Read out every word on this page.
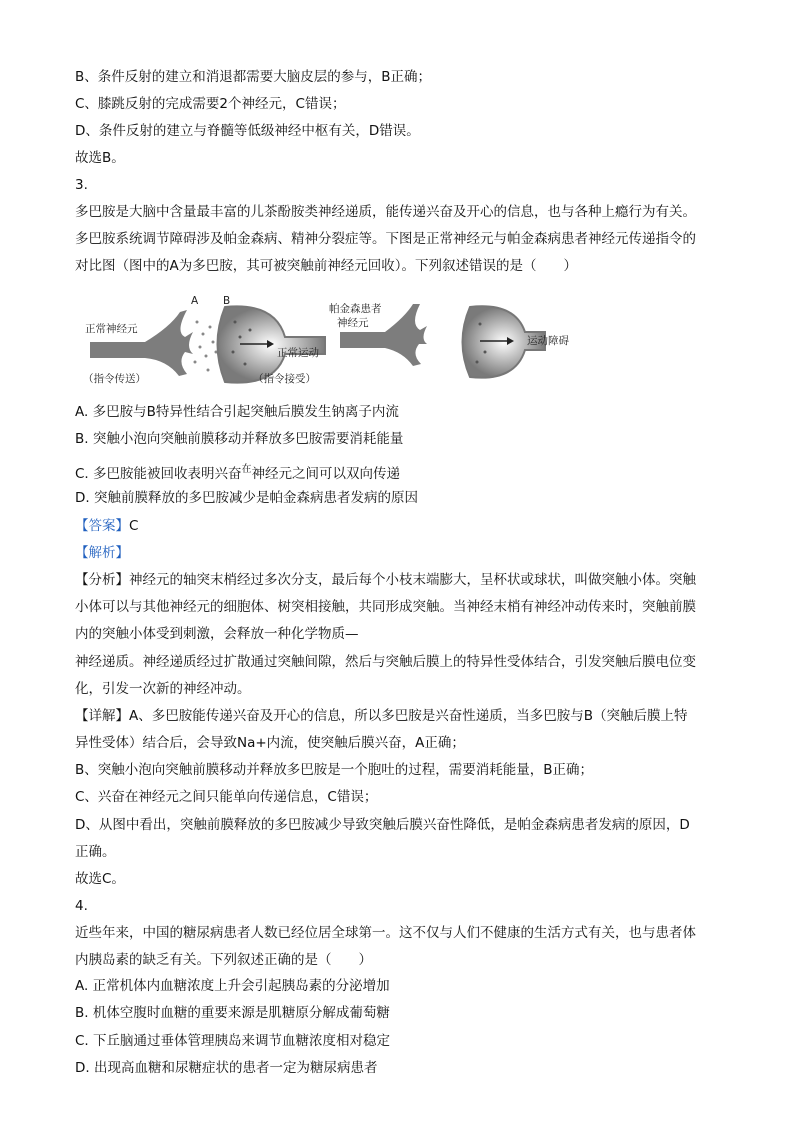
B、条件反射的建立和消退都需要大脑皮层的参与，B正确；
C、膝跳反射的完成需要2个神经元，C错误；
D、条件反射的建立与脊髓等低级神经中枢有关，D错误。
故选B。
3.
多巴胺是大脑中含量最丰富的儿茶酚胺类神经递质，能传递兴奋及开心的信息，也与各种上瘾行为有关。
多巴胺系统调节障碍涉及帕金森病、精神分裂症等。下图是正常神经元与帕金森病患者神经元传递指令的
对比图（图中的A为多巴胺，其可被突触前神经元回收）。下列叙述错误的是（　　）
正常神经元
A B
正常运动
（指令传送）	（指令接受）
帕金森患者
神经元
运动障碍
A. 多巴胺与B特异性结合引起突触后膜发生钠离子内流
B. 突触小泡向突触前膜移动并释放多巴胺需要消耗能量
C. 多巴胺能被回收表明兴奋$^在$神经元之间可以双向传递
D. 突触前膜释放的多巴胺减少是帕金森病患者发病的原因
【答案】C
【解析】
【分析】神经元的轴突末梢经过多次分支，最后每个小枝末端膨大，呈杯状或球状，叫做突触小体。突触
小体可以与其他神经元的细胞体、树突相接触，共同形成突触。当神经末梢有神经冲动传来时，突触前膜
内的突触小体受到刺激，会释放一种化学物质—
神经递质。神经递质经过扩散通过突触间隙，然后与突触后膜上的特异性受体结合，引发突触后膜电位变
化，引发一次新的神经冲动。
【详解】A、多巴胺能传递兴奋及开心的信息，所以多巴胺是兴奋性递质，当多巴胺与B（突触后膜上特
异性受体）结合后，会导致Na+内流，使突触后膜兴奋，A正确；
B、突触小泡向突触前膜移动并释放多巴胺是一个胞吐的过程，需要消耗能量，B正确；
C、兴奋在神经元之间只能单向传递信息，C错误；
D、从图中看出，突触前膜释放的多巴胺减少导致突触后膜兴奋性降低，是帕金森病患者发病的原因，D
正确。
故选C。
4.
近些年来，中国的糖尿病患者人数已经位居全球第一。这不仅与人们不健康的生活方式有关，也与患者体
内胰岛素的缺乏有关。下列叙述正确的是（　　）
A. 正常机体内血糖浓度上升会引起胰岛素的分泌增加
B. 机体空腹时血糖的重要来源是肌糖原分解成葡萄糖
C. 下丘脑通过垂体管理胰岛来调节血糖浓度相对稳定
D. 出现高血糖和尿糖症状的患者一定为糖尿病患者
